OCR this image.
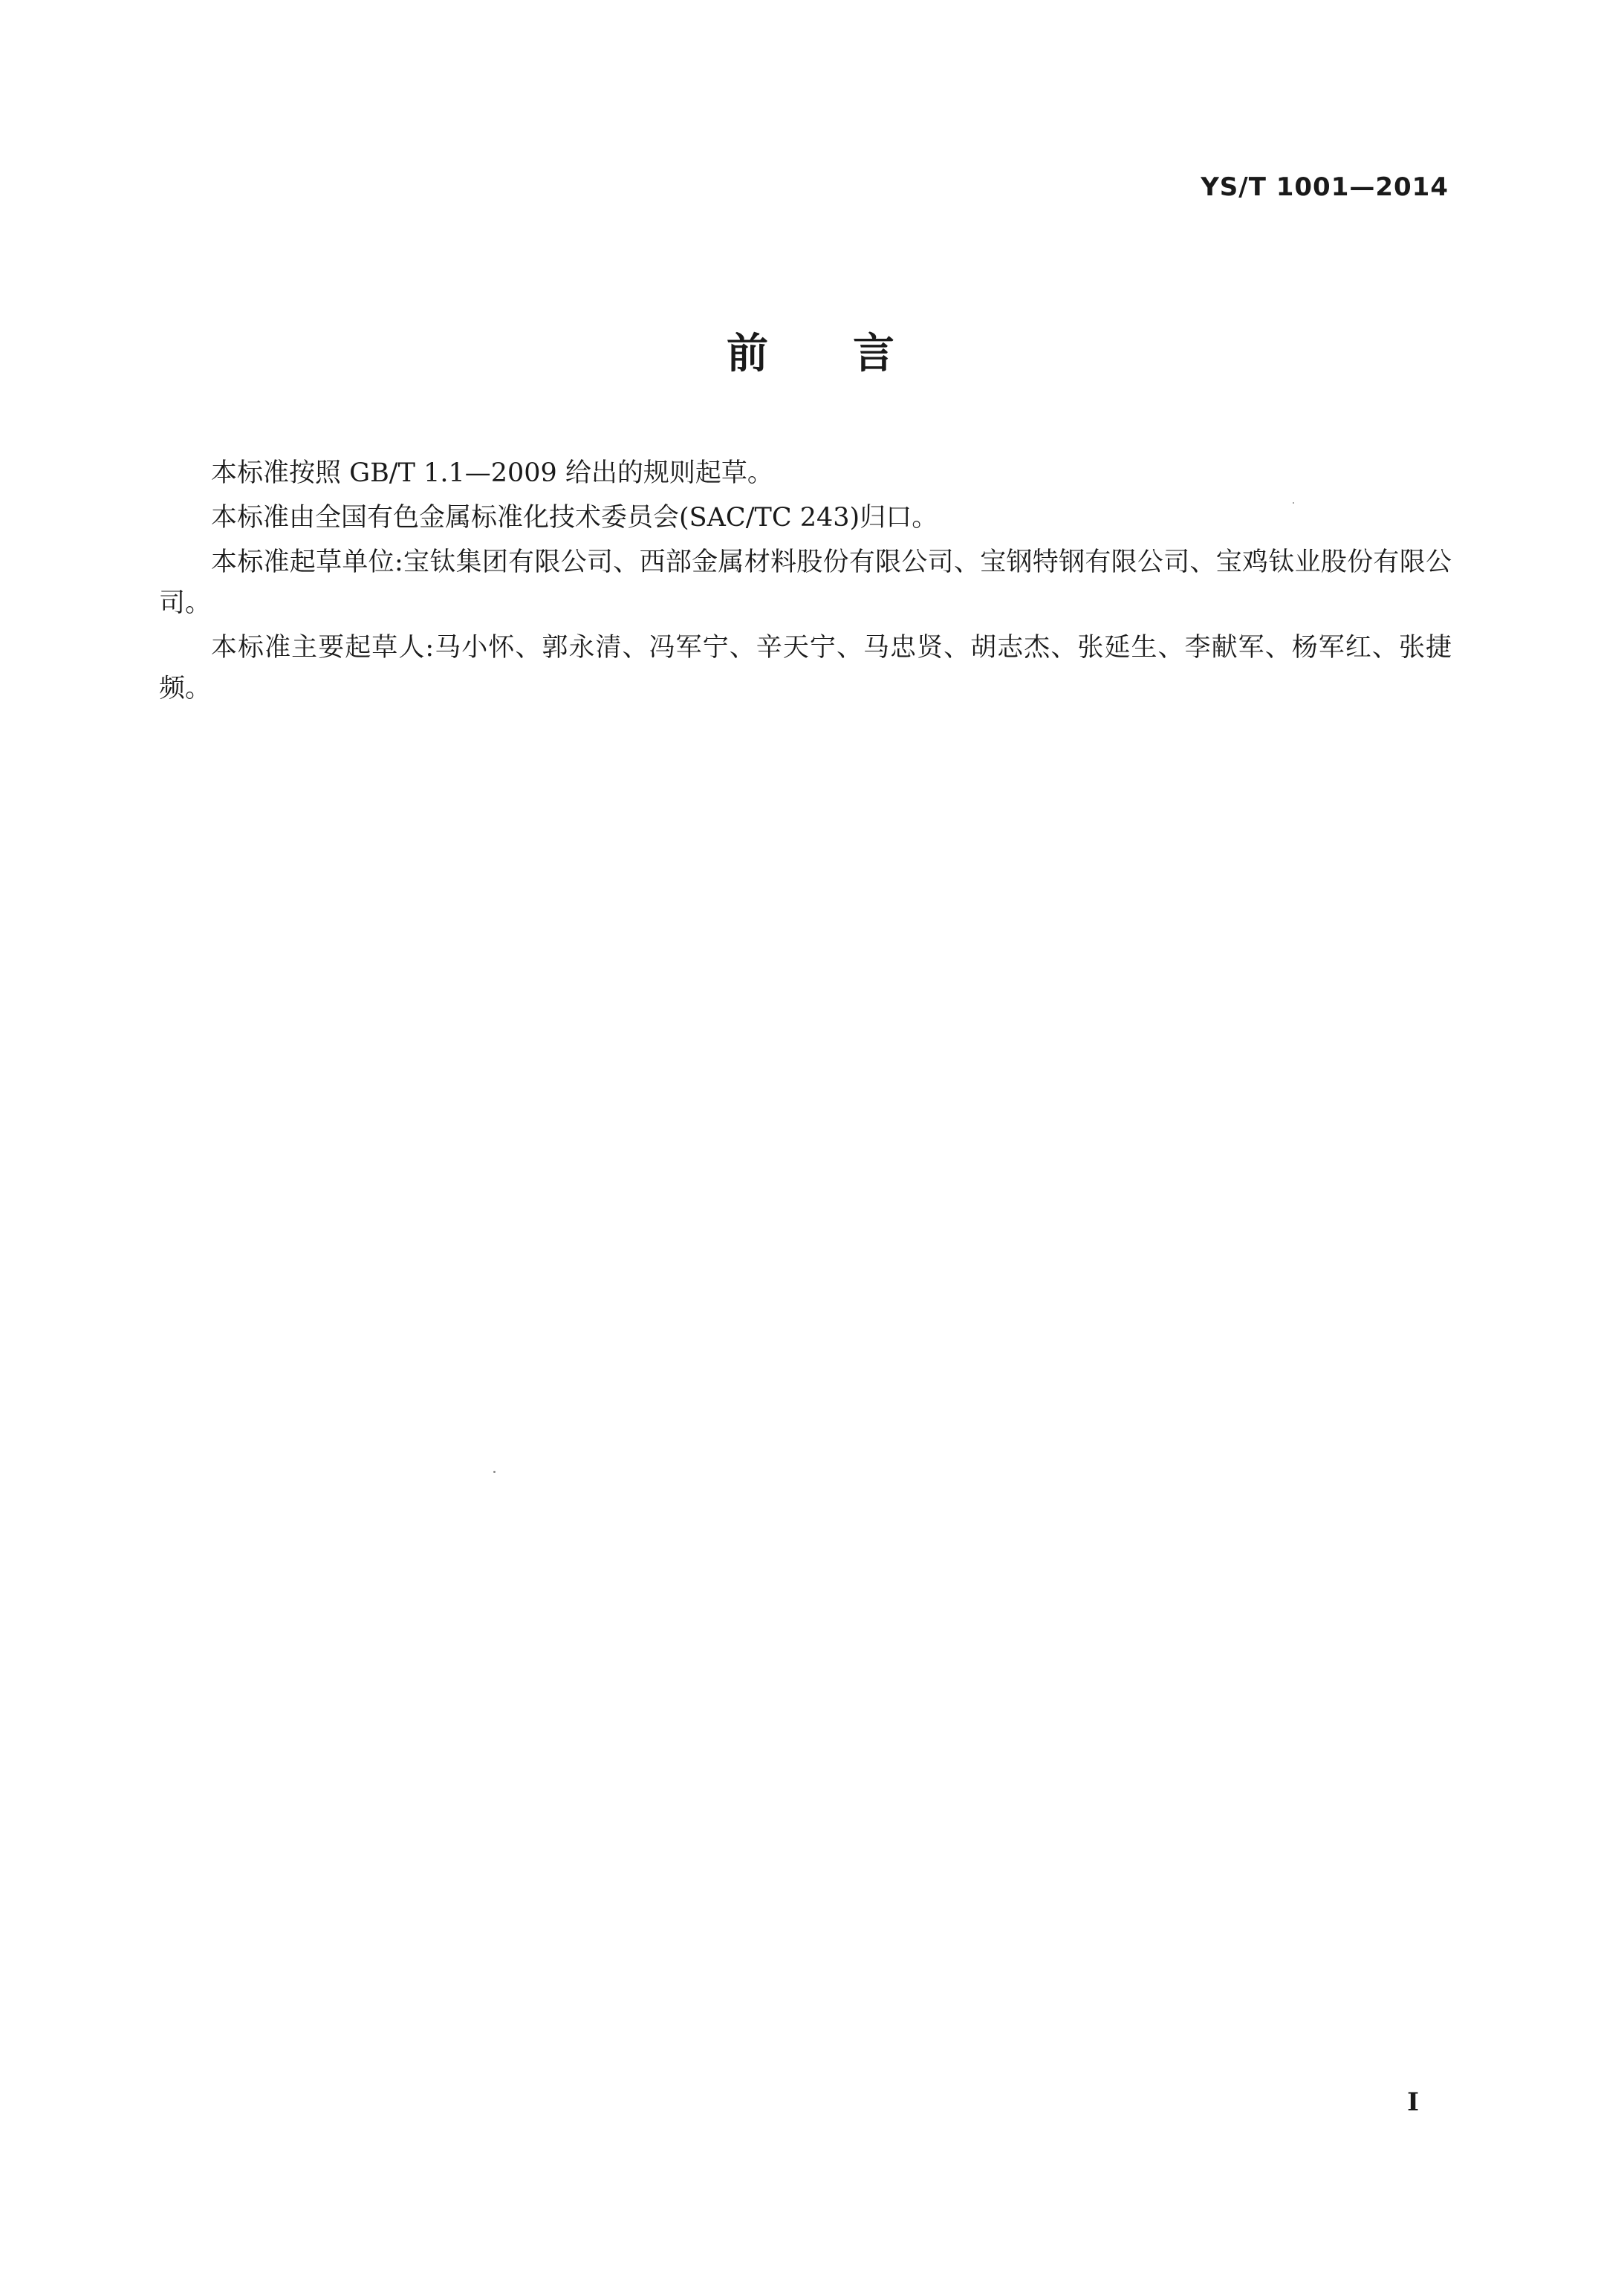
YS/T 1001—2014
前 言

本标准按照 GB/T 1.1—2009 给出的规则起草。

本标准由全国有色金属标准化技术委员会(SAC/TC 243)归口。

本标准起草单位:宝钛集团有限公司、西部金属材料股份有限公司、宝钢特钢有限公司、宝鸡钛业股份有限公司。

本标准主要起草人:马小怀、郭永清、冯军宁、辛天宁、马忠贤、胡志杰、张延生、李献军、杨军红、张捷频。

I
